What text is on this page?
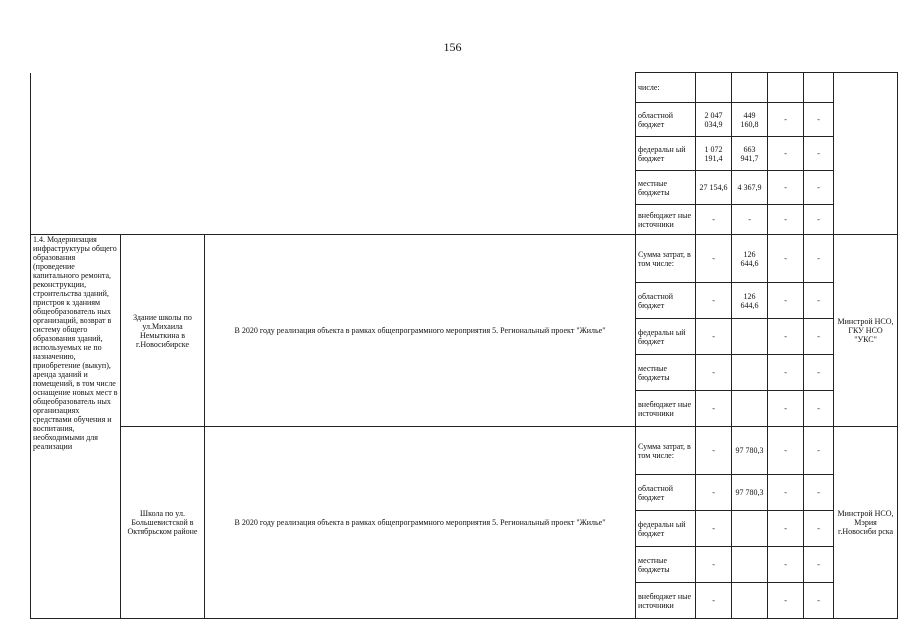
156
			числе:					
			областной бюджет	2 047 034,9	449 160,8	-	-	
			федеральн ый бюджет	1 072 191,4	663 941,7	-	-	
			местные бюджеты	27 154,6	4 367,9	-	-	
			внебюджет ные источники	-	-	-	-	
1.4. Модернизация инфраструктуры общего образования (проведение капитального ремонта, реконструкции, строительства зданий, пристроя к зданиям общеобразователь ных организаций, возврат в систему общего образования зданий, используемых не по назначению, приобретение (выкуп), аренда зданий и помещений, в том числе оснащение новых мест в общеобразователь ных организациях средствами обучения и воспитания, необходимыми для реализации	Здание школы по ул.Михаила Немыткина в г.Новосибирске	В 2020 году реализация объекта в рамках общепрограммного мероприятия 5. Региональный проект "Жилье"	Сумма затрат, в том числе:	-	126 644,6	-	-	Минстрой НСО, ГКУ НСО "УКС"
			областной бюджет	-	126 644,6	-	-	
			федеральн ый бюджет	-		-	-	
			местные бюджеты	-		-	-	
			внебюджет ные источники	-		-	-	
	Школа по ул. Большевистской в Октябрьском районе	В 2020 году реализация объекта в рамках общепрограммного мероприятия 5. Региональный проект "Жилье"	Сумма затрат, в том числе:	-	97 780,3	-	-	Минстрой НСО, Мэрия г.Новосиби рска
			областной бюджет	-	97 780,3	-	-	
			федеральн ый бюджет	-		-	-	
			местные бюджеты	-		-	-	
			внебюджет ные источники	-		-	-	
